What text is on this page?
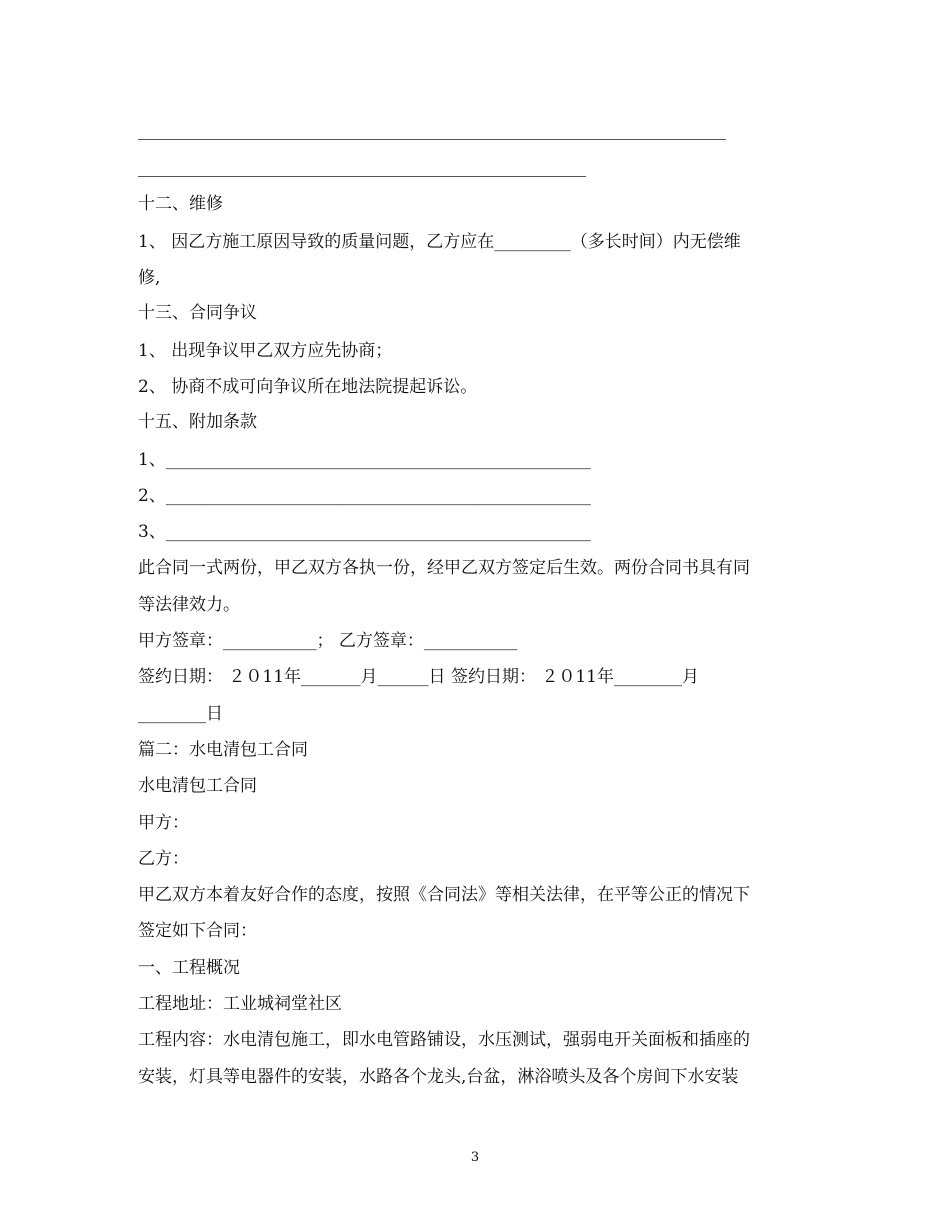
十二、维修
1、 因乙方施工原因导致的质量问题，乙方应在_________（多长时间）内无偿维
修,
十三、合同争议
1、 出现争议甲乙双方应先协商；
2、 协商不成可向争议所在地法院提起诉讼。
十五、附加条款
1、__________________________________________________
2、__________________________________________________
3、__________________________________________________
此合同一式两份，甲乙双方各执一份，经甲乙双方签定后生效。两份合同书具有同
等法律效力。
甲方签章：___________； 乙方签章：___________
签约日期： ２０11年_______月______日 签约日期： ２０11年________月
________日
篇二：水电清包工合同
水电清包工合同
甲方：
乙方：
甲乙双方本着友好合作的态度，按照《合同法》等相关法律，在平等公正的情况下
签定如下合同：
一、工程概况
工程地址：工业城祠堂社区
工程内容：水电清包施工，即水电管路铺设，水压测试，强弱电开关面板和插座的
安装，灯具等电器件的安装，水路各个龙头,台盆，淋浴喷头及各个房间下水安装
3
